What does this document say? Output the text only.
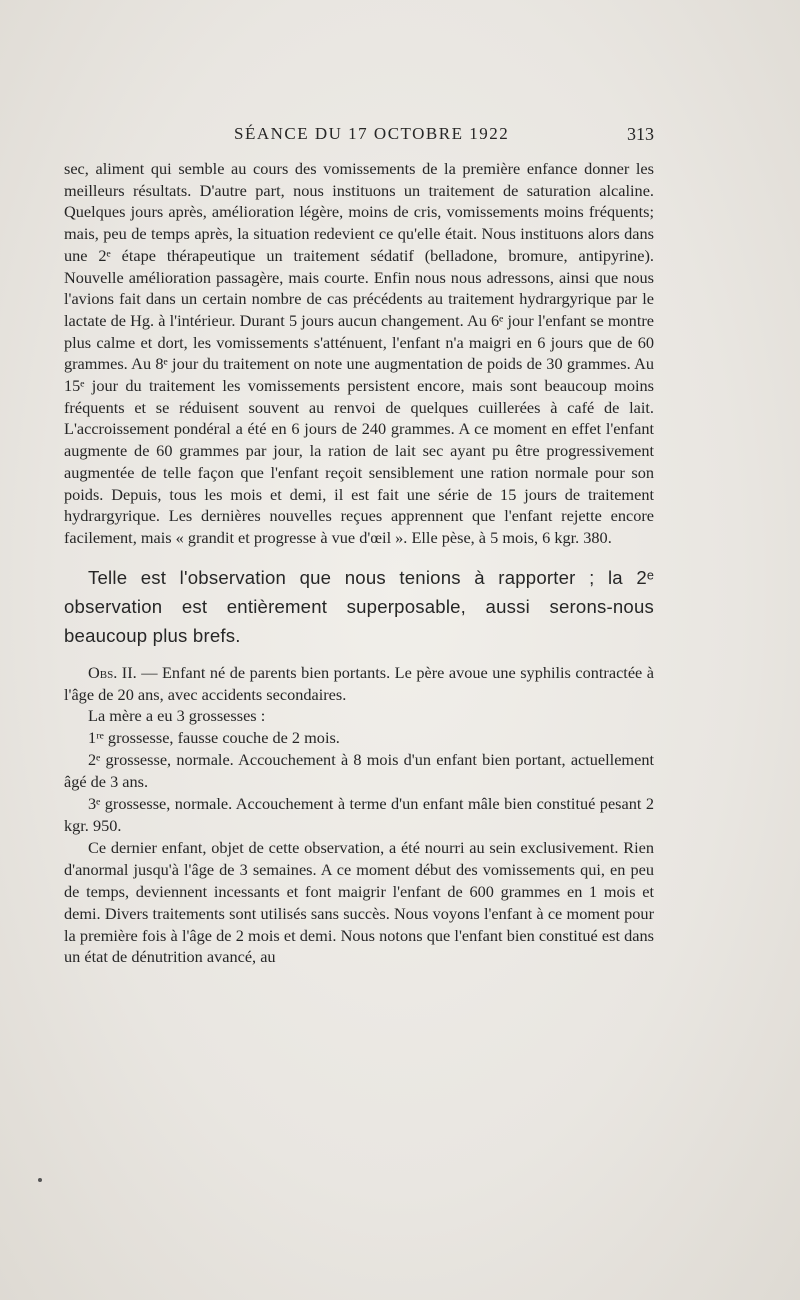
SÉANCE DU 17 OCTOBRE 1922	313

sec, aliment qui semble au cours des vomissements de la première enfance donner les meilleurs résultats. D'autre part, nous instituons un traitement de saturation alcaline. Quelques jours après, amélioration légère, moins de cris, vomissements moins fréquents; mais, peu de temps après, la situation redevient ce qu'elle était. Nous instituons alors dans une 2ᵉ étape thérapeutique un traitement sédatif (belladone, bromure, antipyrine). Nouvelle amélioration passagère, mais courte. Enfin nous nous adressons, ainsi que nous l'avions fait dans un certain nombre de cas précédents au traitement hydrargyrique par le lactate de Hg. à l'intérieur. Durant 5 jours aucun changement. Au 6ᵉ jour l'enfant se montre plus calme et dort, les vomissements s'atténuent, l'enfant n'a maigri en 6 jours que de 60 grammes. Au 8ᵉ jour du traitement on note une augmentation de poids de 30 grammes. Au 15ᵉ jour du traitement les vomissements persistent encore, mais sont beaucoup moins fréquents et se réduisent souvent au renvoi de quelques cuillerées à café de lait. L'accroissement pondéral a été en 6 jours de 240 grammes. A ce moment en effet l'enfant augmente de 60 grammes par jour, la ration de lait sec ayant pu être progressivement augmentée de telle façon que l'enfant reçoit sensiblement une ration normale pour son poids. Depuis, tous les mois et demi, il est fait une série de 15 jours de traitement hydrargyrique. Les dernières nouvelles reçues apprennent que l'enfant rejette encore facilement, mais « grandit et progresse à vue d'œil ». Elle pèse, à 5 mois, 6 kgr. 380.

Telle est l'observation que nous tenions à rapporter ; la 2ᵉ observation est entièrement superposable, aussi serons-nous beaucoup plus brefs.

Obs. II. — Enfant né de parents bien portants. Le père avoue une syphilis contractée à l'âge de 20 ans, avec accidents secondaires.

La mère a eu 3 grossesses :

1ʳᵉ grossesse, fausse couche de 2 mois.

2ᵉ grossesse, normale. Accouchement à 8 mois d'un enfant bien portant, actuellement âgé de 3 ans.

3ᵉ grossesse, normale. Accouchement à terme d'un enfant mâle bien constitué pesant 2 kgr. 950.

Ce dernier enfant, objet de cette observation, a été nourri au sein exclusivement. Rien d'anormal jusqu'à l'âge de 3 semaines. A ce moment début des vomissements qui, en peu de temps, deviennent incessants et font maigrir l'enfant de 600 grammes en 1 mois et demi. Divers traitements sont utilisés sans succès. Nous voyons l'enfant à ce moment pour la première fois à l'âge de 2 mois et demi. Nous notons que l'enfant bien constitué est dans un état de dénutrition avancé, au
